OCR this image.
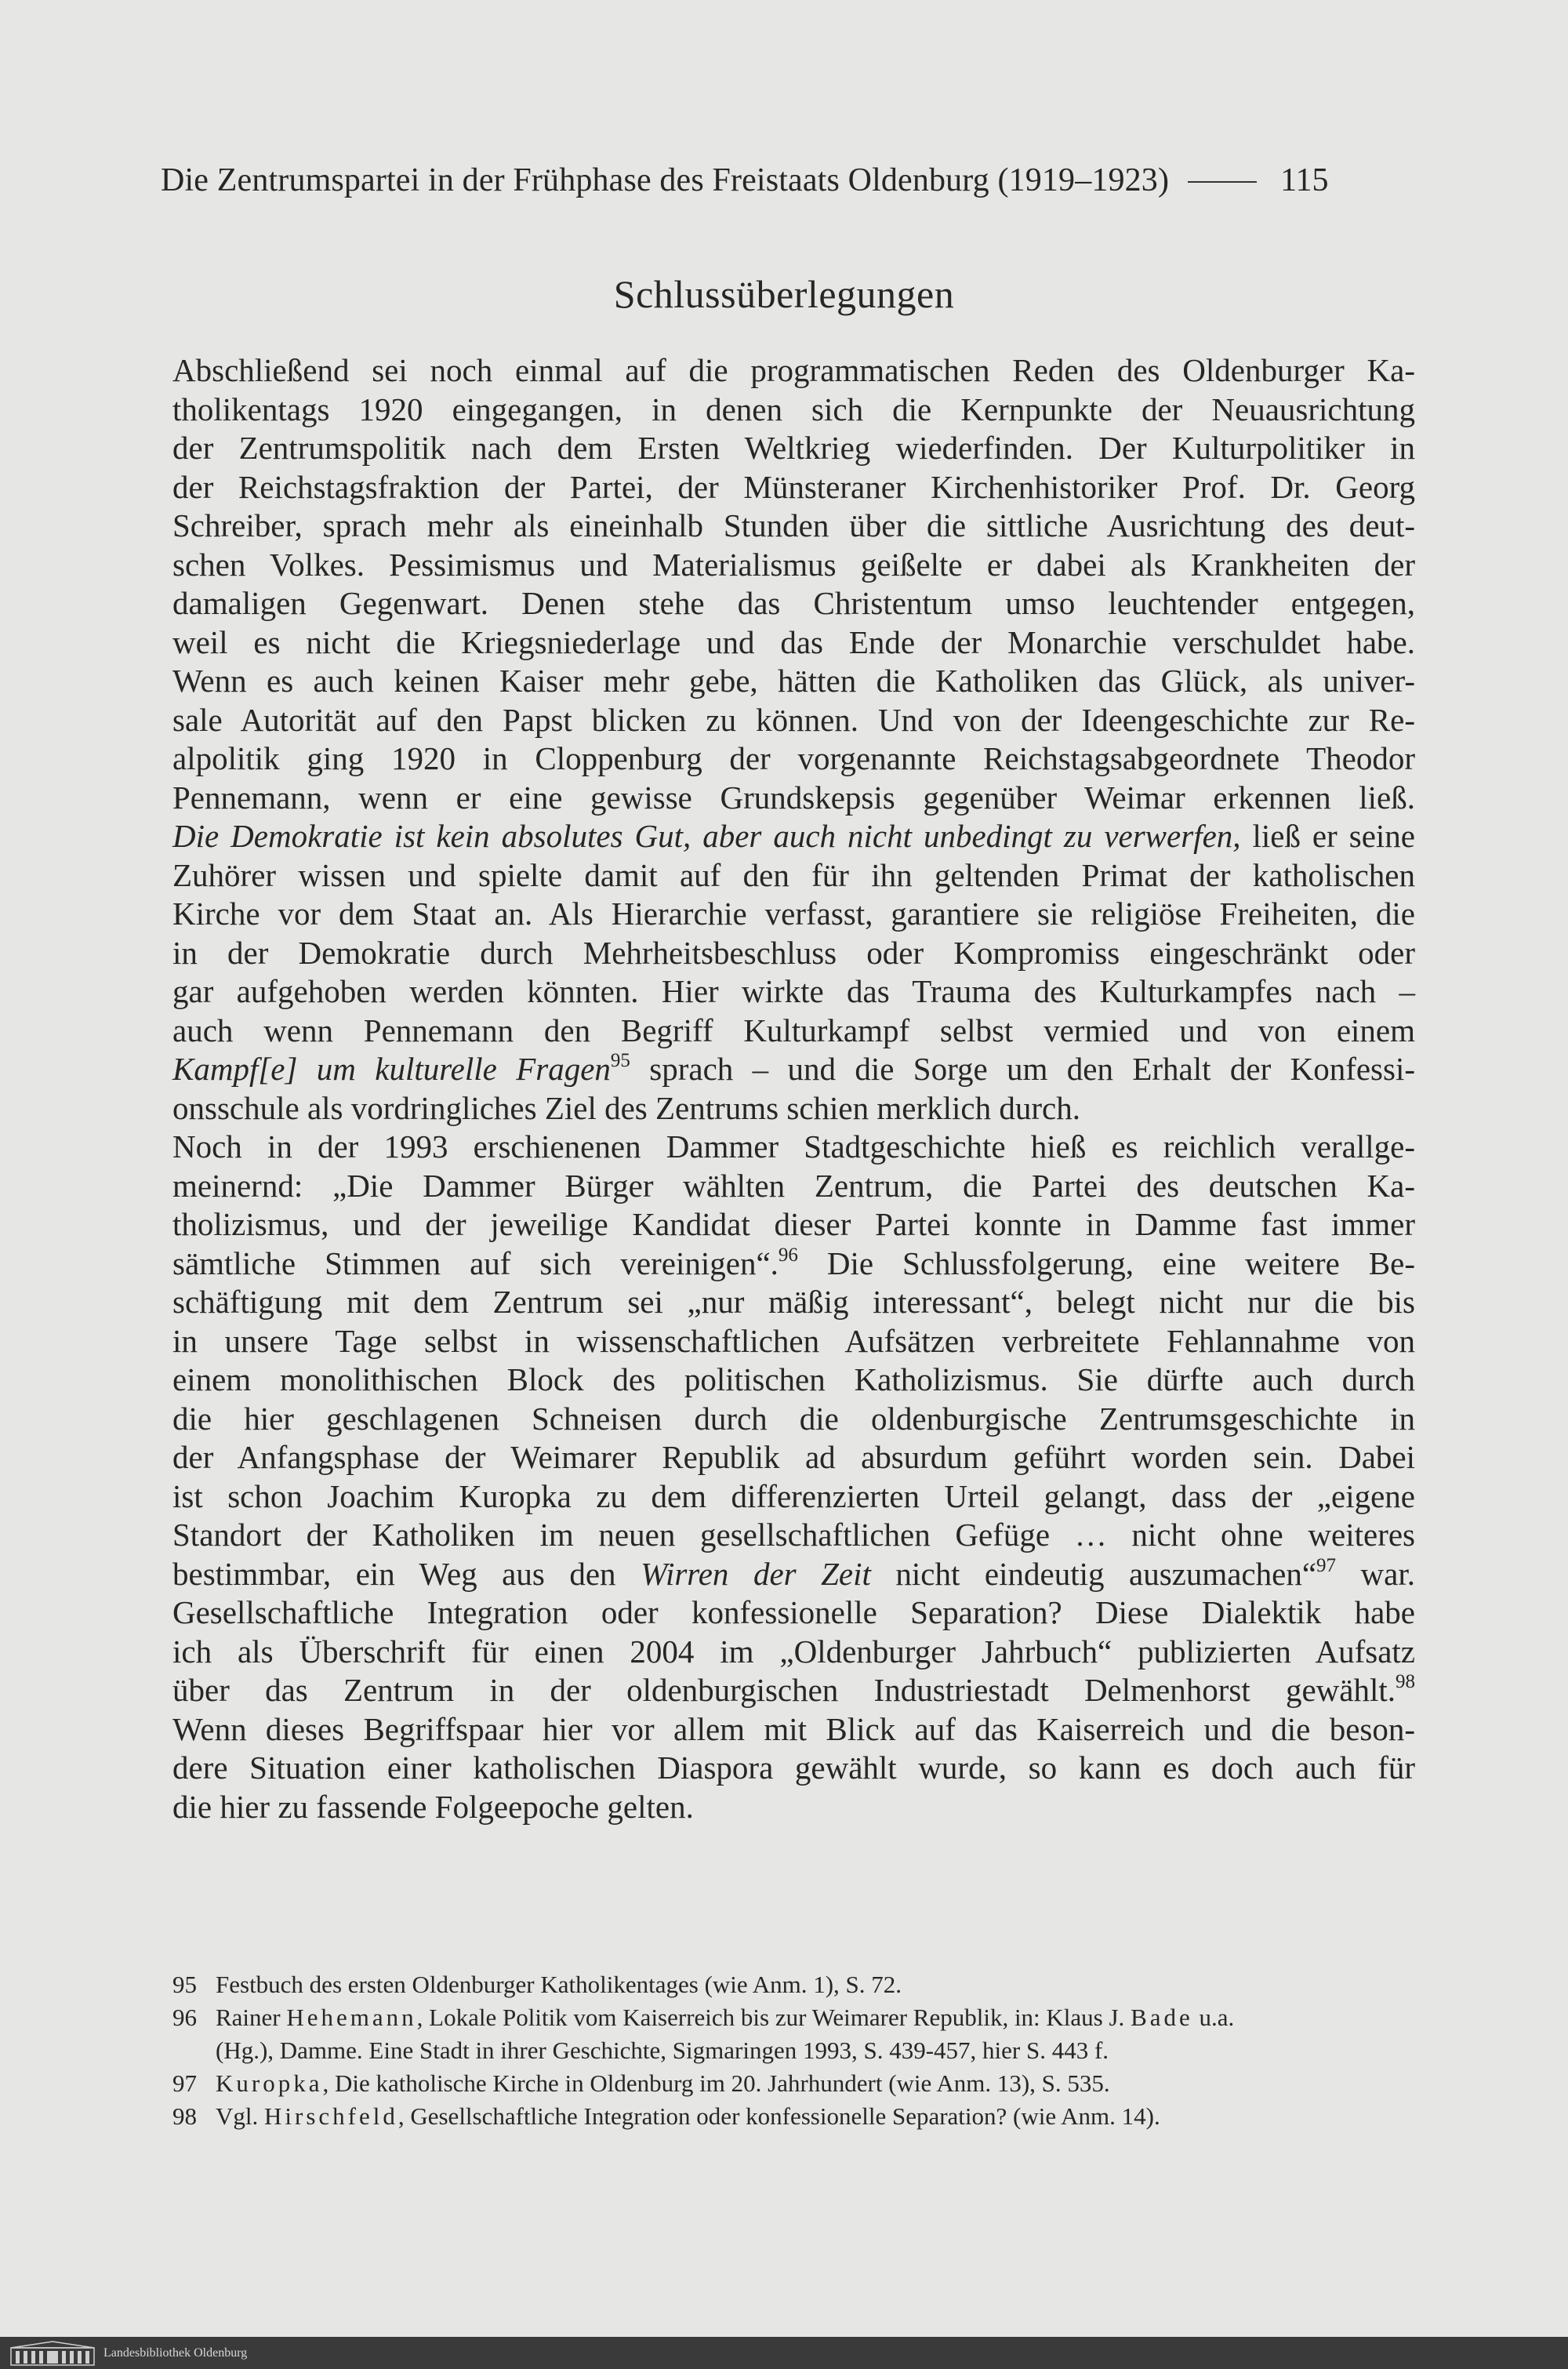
Die Zentrumspartei in der Frühphase des Freistaats Oldenburg (1919–1923)	115
Schlussüberlegungen
Abschließend sei noch einmal auf die programmatischen Reden des Oldenburger Ka-
tholikentags 1920 eingegangen, in denen sich die Kernpunkte der Neuausrichtung
der Zentrumspolitik nach dem Ersten Weltkrieg wiederfinden. Der Kulturpolitiker in
der Reichstagsfraktion der Partei, der Münsteraner Kirchenhistoriker Prof. Dr. Georg
Schreiber, sprach mehr als eineinhalb Stunden über die sittliche Ausrichtung des deut-
schen Volkes. Pessimismus und Materialismus geißelte er dabei als Krankheiten der
damaligen Gegenwart. Denen stehe das Christentum umso leuchtender entgegen,
weil es nicht die Kriegsniederlage und das Ende der Monarchie verschuldet habe.
Wenn es auch keinen Kaiser mehr gebe, hätten die Katholiken das Glück, als univer-
sale Autorität auf den Papst blicken zu können. Und von der Ideengeschichte zur Re-
alpolitik ging 1920 in Cloppenburg der vorgenannte Reichstagsabgeordnete Theodor
Pennemann, wenn er eine gewisse Grundskepsis gegenüber Weimar erkennen ließ.
Die Demokratie ist kein absolutes Gut, aber auch nicht unbedingt zu verwerfen, ließ er seine
Zuhörer wissen und spielte damit auf den für ihn geltenden Primat der katholischen
Kirche vor dem Staat an. Als Hierarchie verfasst, garantiere sie religiöse Freiheiten, die
in der Demokratie durch Mehrheitsbeschluss oder Kompromiss eingeschränkt oder
gar aufgehoben werden könnten. Hier wirkte das Trauma des Kulturkampfes nach –
auch wenn Pennemann den Begriff Kulturkampf selbst vermied und von einem
Kampf[e] um kulturelle Fragen$^{95}$ sprach – und die Sorge um den Erhalt der Konfessi-
onsschule als vordringliches Ziel des Zentrums schien merklich durch.
Noch in der 1993 erschienenen Dammer Stadtgeschichte hieß es reichlich verallge-
meinernd: „Die Dammer Bürger wählten Zentrum, die Partei des deutschen Ka-
tholizismus, und der jeweilige Kandidat dieser Partei konnte in Damme fast immer
sämtliche Stimmen auf sich vereinigen“.$^{96}$ Die Schlussfolgerung, eine weitere Be-
schäftigung mit dem Zentrum sei „nur mäßig interessant“, belegt nicht nur die bis
in unsere Tage selbst in wissenschaftlichen Aufsätzen verbreitete Fehlannahme von
einem monolithischen Block des politischen Katholizismus. Sie dürfte auch durch
die hier geschlagenen Schneisen durch die oldenburgische Zentrumsgeschichte in
der Anfangsphase der Weimarer Republik ad absurdum geführt worden sein. Dabei
ist schon Joachim Kuropka zu dem differenzierten Urteil gelangt, dass der „eigene
Standort der Katholiken im neuen gesellschaftlichen Gefüge … nicht ohne weiteres
bestimmbar, ein Weg aus den Wirren der Zeit nicht eindeutig auszumachen“$^{97}$ war.
Gesellschaftliche Integration oder konfessionelle Separation? Diese Dialektik habe
ich als Überschrift für einen 2004 im „Oldenburger Jahrbuch“ publizierten Aufsatz
über das Zentrum in der oldenburgischen Industriestadt Delmenhorst gewählt.$^{98}$
Wenn dieses Begriffspaar hier vor allem mit Blick auf das Kaiserreich und die beson-
dere Situation einer katholischen Diaspora gewählt wurde, so kann es doch auch für
die hier zu fassende Folgeepoche gelten.
95 Festbuch des ersten Oldenburger Katholikentages (wie Anm. 1), S. 72.
96 Rainer Hehemann, Lokale Politik vom Kaiserreich bis zur Weimarer Republik, in: Klaus J. Bade u.a.
(Hg.), Damme. Eine Stadt in ihrer Geschichte, Sigmaringen 1993, S. 439-457, hier S. 443 f.
97 Kuropka, Die katholische Kirche in Oldenburg im 20. Jahrhundert (wie Anm. 13), S. 535.
98 Vgl. Hirschfeld, Gesellschaftliche Integration oder konfessionelle Separation? (wie Anm. 14).
Landesbibliothek Oldenburg
